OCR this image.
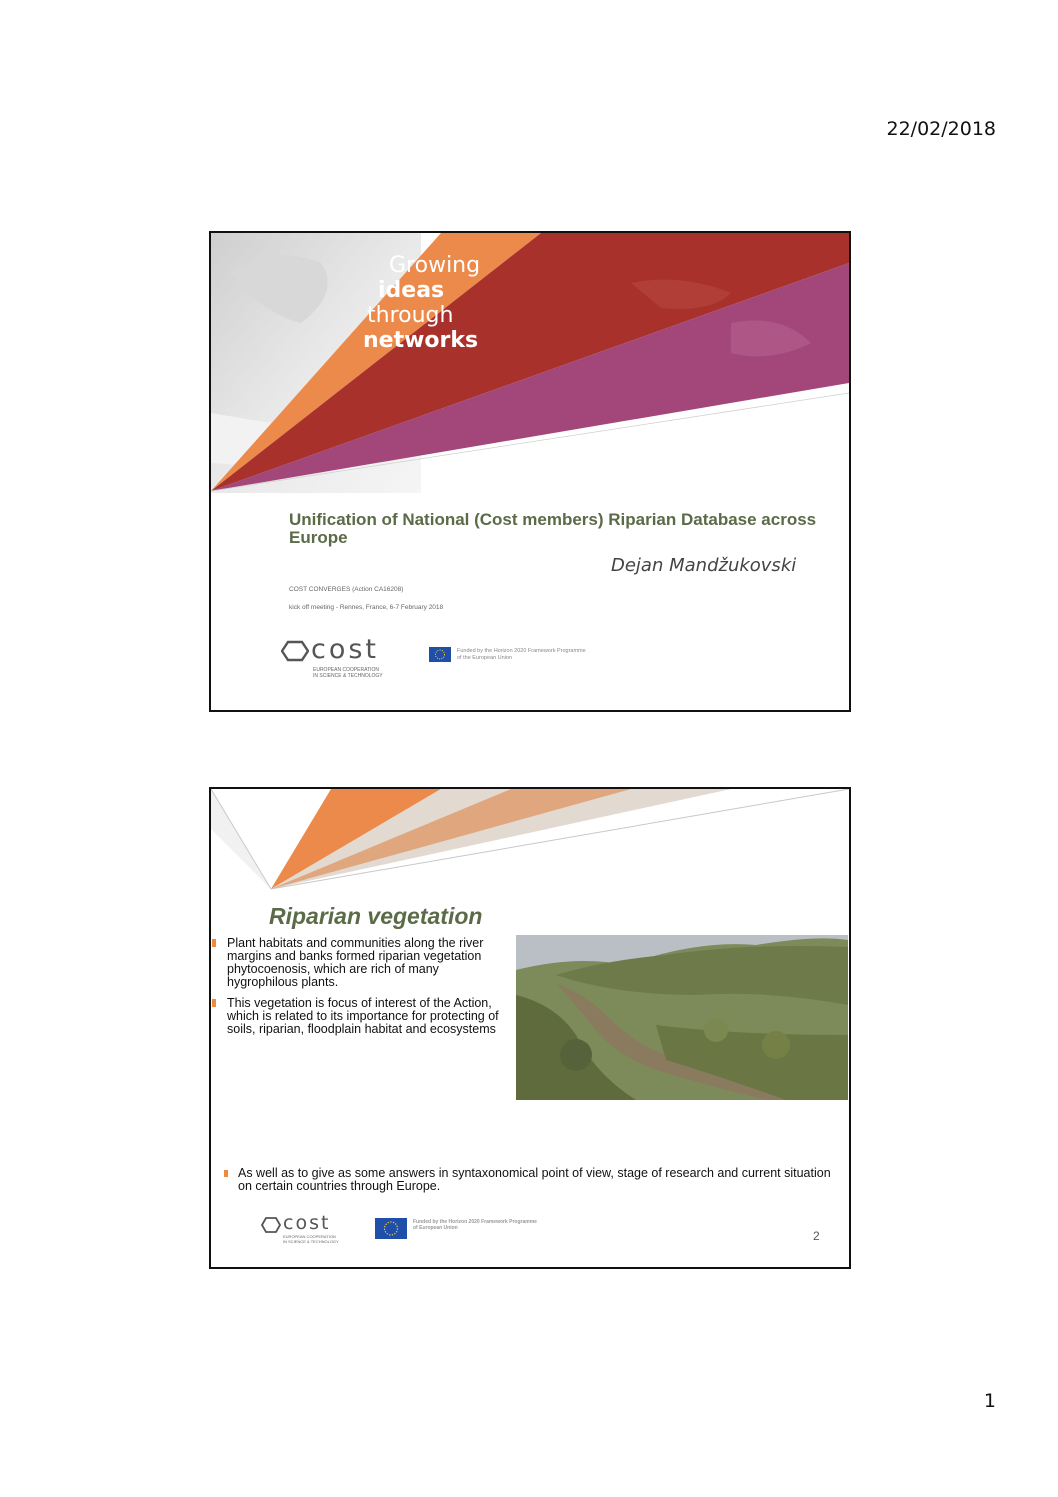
22/02/2018
Growing
ideas
through
networks
Unification of National (Cost members) Riparian Database across Europe
Dejan Mandžukovski
COST CONVERGES (Action CA16208)
kick off meeting - Rennes, France, 6-7 February 2018
cost
EUROPEAN COOPERATION
IN SCIENCE & TECHNOLOGY
Funded by the Horizon 2020 Framework Programme
of the European Union
Riparian vegetation
Plant habitats and communities along the river margins and banks formed riparian vegetation phytocoenosis, which are rich of many hygrophilous plants.
This vegetation is focus of interest of the Action, which is related to its importance for protecting of soils, riparian, floodplain habitat and ecosystems
As well as to give as some answers in syntaxonomical point of view, stage of research and current situation on certain countries through Europe.
cost
EUROPEAN COOPERATION
IN SCIENCE & TECHNOLOGY
Funded by the Horizon 2020 Framework Programme
of European Union
2
1
